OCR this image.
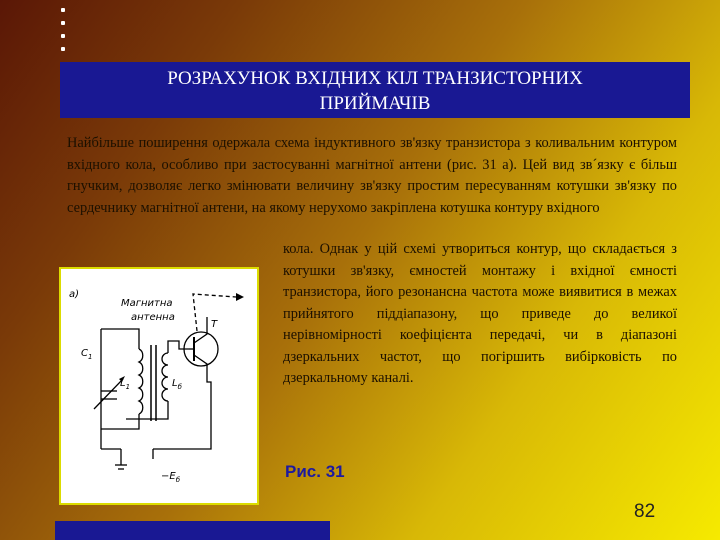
РОЗРАХУНОК ВХІДНИХ КІЛ ТРАНЗИСТОРНИХ
ПРИЙМАЧІВ
Найбільше поширення одержала схема індуктивного зв'язку транзистора з коливальним контуром вхідного кола, особливо при застосуванні магнітної антени (рис. 31 а). Цей вид зв´язку є більш гнучким, дозволяє легко змінювати величину зв'язку простим пересуванням котушки зв'язку по сердечнику магнітної антени, на якому нерухомо закріплена котушка контуру вхідного
а)
Магнитна
антенна
Т
$C_1$
$L_1$	$L_б$
$-E_б$
кола. Однак у цій схемі утвориться контур, що складається з котушки зв'язку, ємностей монтажу і вхідної ємності транзистора, його резонансна частота може виявитися в межах прийнятого піддіапазону, що приведе до великої нерівномірності коефіцієнта передачі, чи в діапазоні дзеркальних частот, що погіршить вибірковість по дзеркальному каналі.
Рис. 31
82
